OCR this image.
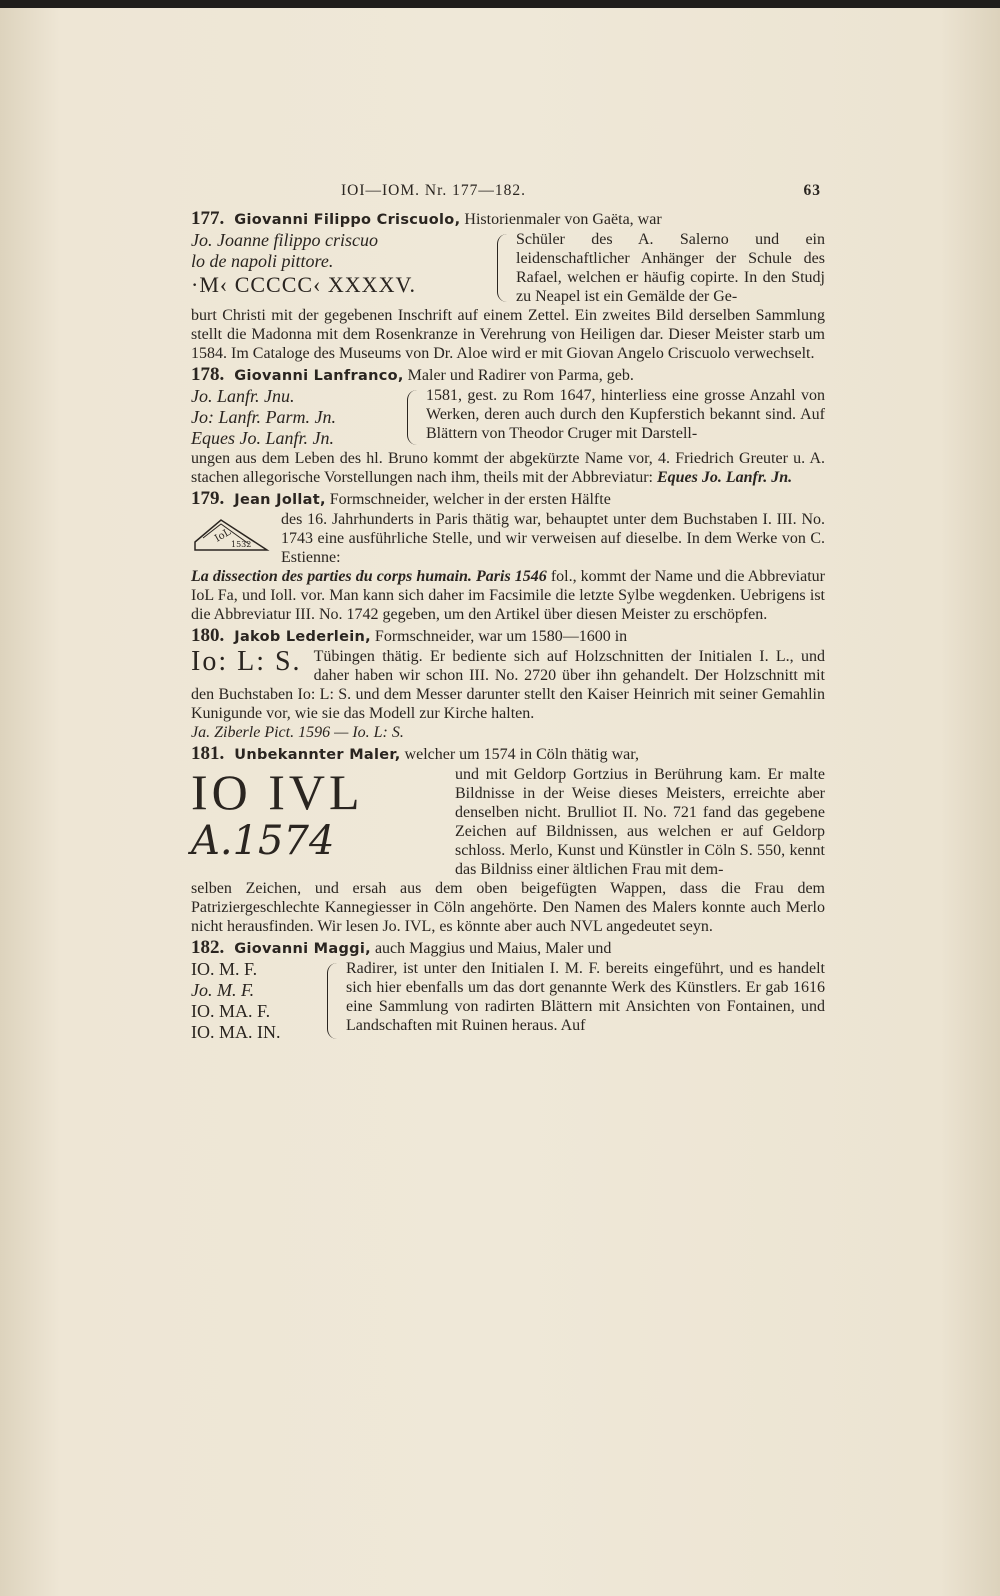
IOI—IOM. Nr. 177—182.	63
177. Giovanni Filippo Criscuolo, Historienmaler von Gaëta, war
Jo. Joanne filippo criscuo
lo de napoli pittore.
·M‹ CCCCC‹ XXXXV.
Schüler des A. Salerno und ein leidenschaftlicher Anhänger der Schule des Rafael, welchen er häufig copirte. In den Studj zu Neapel ist ein Gemälde der Ge-
burt Christi mit der gegebenen Inschrift auf einem Zettel. Ein zweites Bild derselben Sammlung stellt die Madonna mit dem Rosenkranze in Verehrung von Heiligen dar. Dieser Meister starb um 1584. Im Cataloge des Museums von Dr. Aloe wird er mit Giovan Angelo Criscuolo verwechselt.
178. Giovanni Lanfranco, Maler und Radirer von Parma, geb.
Jo. Lanfr. Jnu.
Jo: Lanfr. Parm. Jn.
Eques Jo. Lanfr. Jn.
1581, gest. zu Rom 1647, hinterliess eine grosse Anzahl von Werken, deren auch durch den Kupferstich bekannt sind. Auf Blättern von Theodor Cruger mit Darstell-
ungen aus dem Leben des hl. Bruno kommt der abgekürzte Name vor, 4. Friedrich Greuter u. A. stachen allegorische Vorstellungen nach ihm, theils mit der Abbreviatur: Eques Jo. Lanfr. Jn.
179. Jean Jollat, Formschneider, welcher in der ersten Hälfte
IoL
1532
des 16. Jahrhunderts in Paris thätig war, behauptet unter dem Buchstaben I. III. No. 1743 eine ausführliche Stelle, und wir verweisen auf dieselbe. In dem Werke von C. Estienne:
La dissection des parties du corps humain. Paris 1546 fol., kommt der Name und die Abbreviatur IoL Fa, und Ioll. vor. Man kann sich daher im Facsimile die letzte Sylbe wegdenken. Uebrigens ist die Abbreviatur III. No. 1742 gegeben, um den Artikel über diesen Meister zu erschöpfen.
180. Jakob Lederlein, Formschneider, war um 1580—1600 in
Io: L: S. Tübingen thätig. Er bediente sich auf Holzschnitten der Initialen I. L., und daher haben wir schon III. No. 2720 über ihn gehandelt. Der Holzschnitt mit den Buchstaben Io: L: S. und dem Messer darunter stellt den Kaiser Heinrich mit seiner Gemahlin Kunigunde vor, wie sie das Modell zur Kirche halten.
Ja. Ziberle Pict. 1596 — Io. L: S.
181. Unbekannter Maler, welcher um 1574 in Cöln thätig war,
IO IVL
A.1574
und mit Geldorp Gortzius in Berührung kam. Er malte Bildnisse in der Weise dieses Meisters, erreichte aber denselben nicht. Brulliot II. No. 721 fand das gegebene Zeichen auf Bildnissen, aus welchen er auf Geldorp schloss. Merlo, Kunst und Künstler in Cöln S. 550, kennt das Bildniss einer ältlichen Frau mit dem-
selben Zeichen, und ersah aus dem oben beigefügten Wappen, dass die Frau dem Patriziergeschlechte Kannegiesser in Cöln angehörte. Den Namen des Malers konnte auch Merlo nicht herausfinden. Wir lesen Jo. IVL, es könnte aber auch NVL angedeutet seyn.
182. Giovanni Maggi, auch Maggius und Maius, Maler und
IO. M. F.
Jo. M. F.
IO. MA. F.
IO. MA. IN.
Radirer, ist unter den Initialen I. M. F. bereits eingeführt, und es handelt sich hier ebenfalls um das dort genannte Werk des Künstlers. Er gab 1616 eine Sammlung von radirten Blättern mit Ansichten von Fontainen, und Landschaften mit Ruinen heraus. Auf
